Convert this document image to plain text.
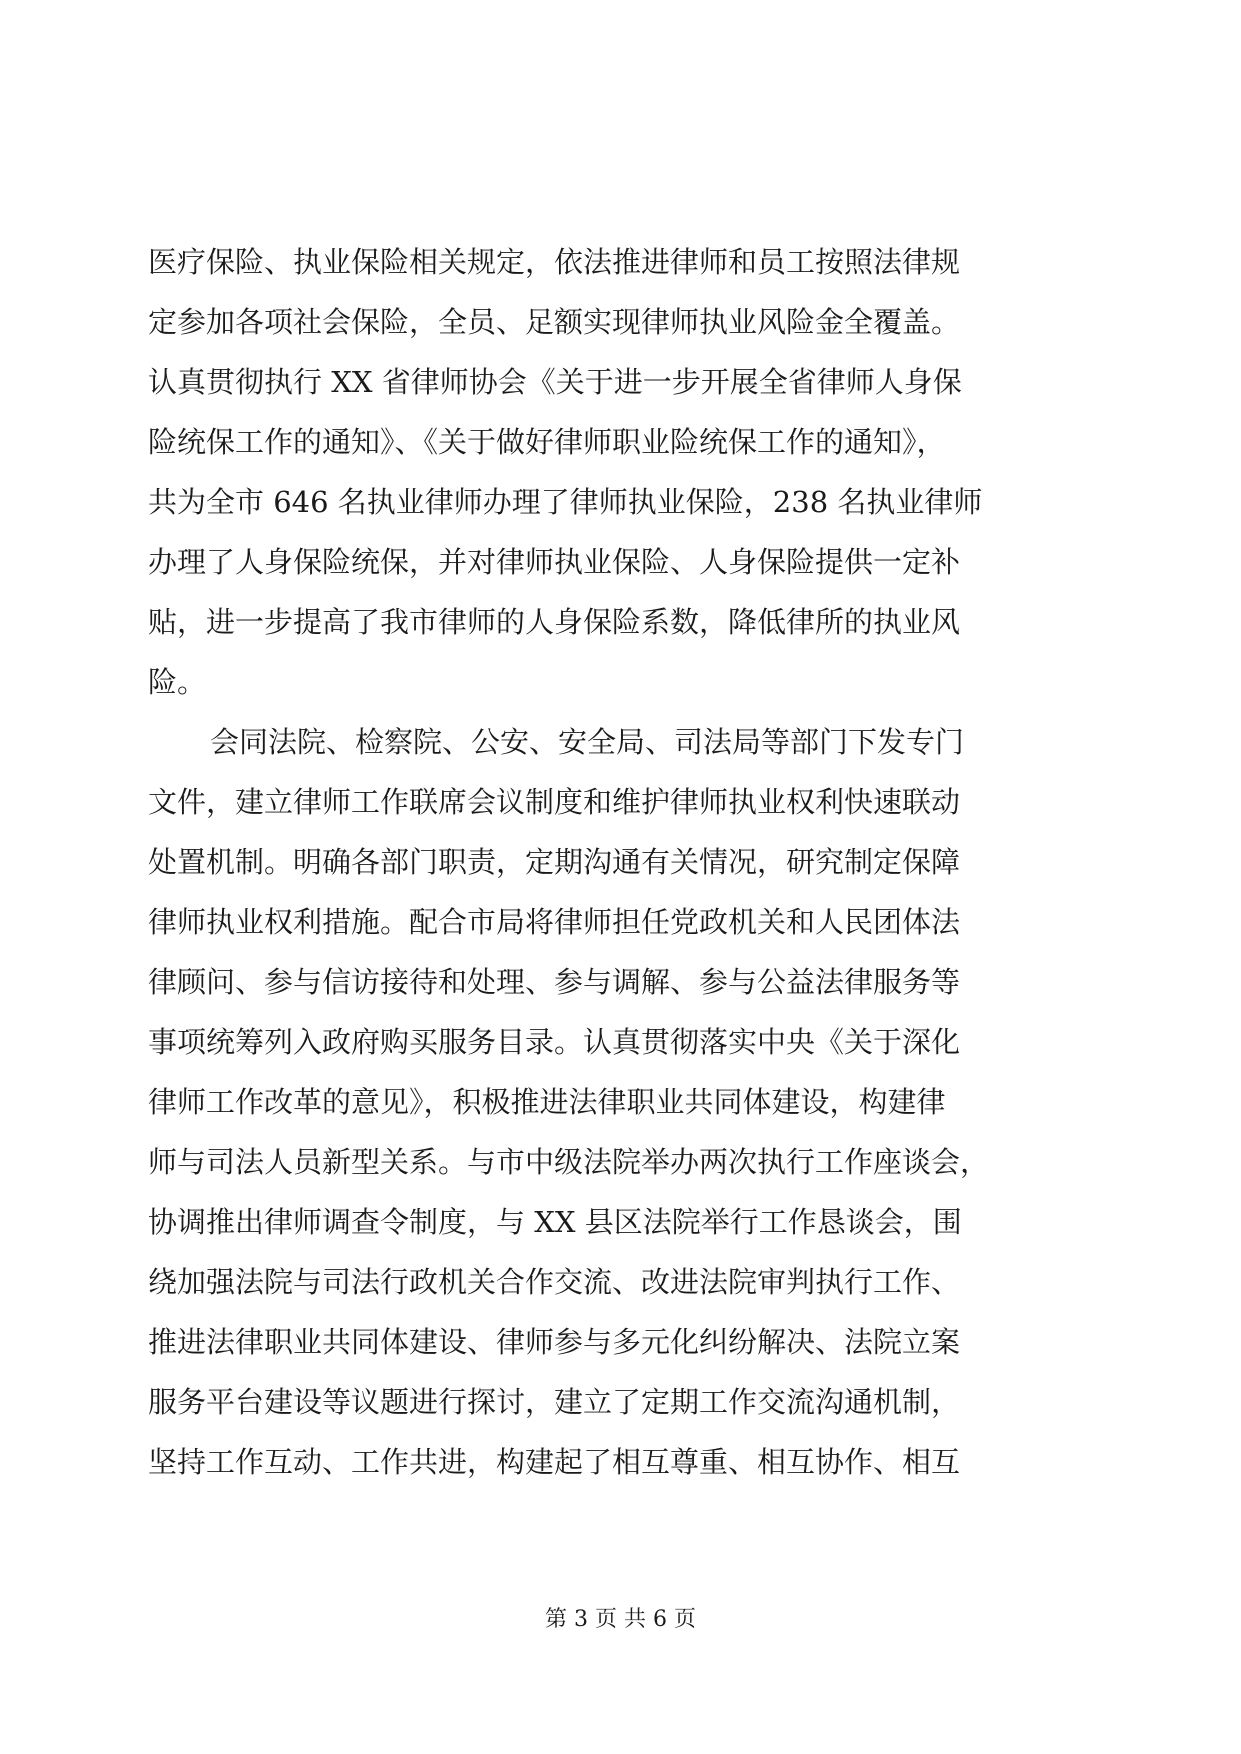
医疗保险、执业保险相关规定，依法推进律师和员工按照法律规
定参加各项社会保险，全员、足额实现律师执业风险金全覆盖。
认真贯彻执行 XX 省律师协会《关于进一步开展全省律师人身保
险统保工作的通知》、《关于做好律师职业险统保工作的通知》，
共为全市 646 名执业律师办理了律师执业保险，238 名执业律师
办理了人身保险统保，并对律师执业保险、人身保险提供一定补
贴，进一步提高了我市律师的人身保险系数，降低律所的执业风
险。
会同法院、检察院、公安、安全局、司法局等部门下发专门
文件，建立律师工作联席会议制度和维护律师执业权利快速联动
处置机制。明确各部门职责，定期沟通有关情况，研究制定保障
律师执业权利措施。配合市局将律师担任党政机关和人民团体法
律顾问、参与信访接待和处理、参与调解、参与公益法律服务等
事项统筹列入政府购买服务目录。认真贯彻落实中央《关于深化
律师工作改革的意见》，积极推进法律职业共同体建设，构建律
师与司法人员新型关系。与市中级法院举办两次执行工作座谈会，
协调推出律师调查令制度，与 XX 县区法院举行工作恳谈会，围
绕加强法院与司法行政机关合作交流、改进法院审判执行工作、
推进法律职业共同体建设、律师参与多元化纠纷解决、法院立案
服务平台建设等议题进行探讨，建立了定期工作交流沟通机制，
坚持工作互动、工作共进，构建起了相互尊重、相互协作、相互
第 3 页 共 6 页
